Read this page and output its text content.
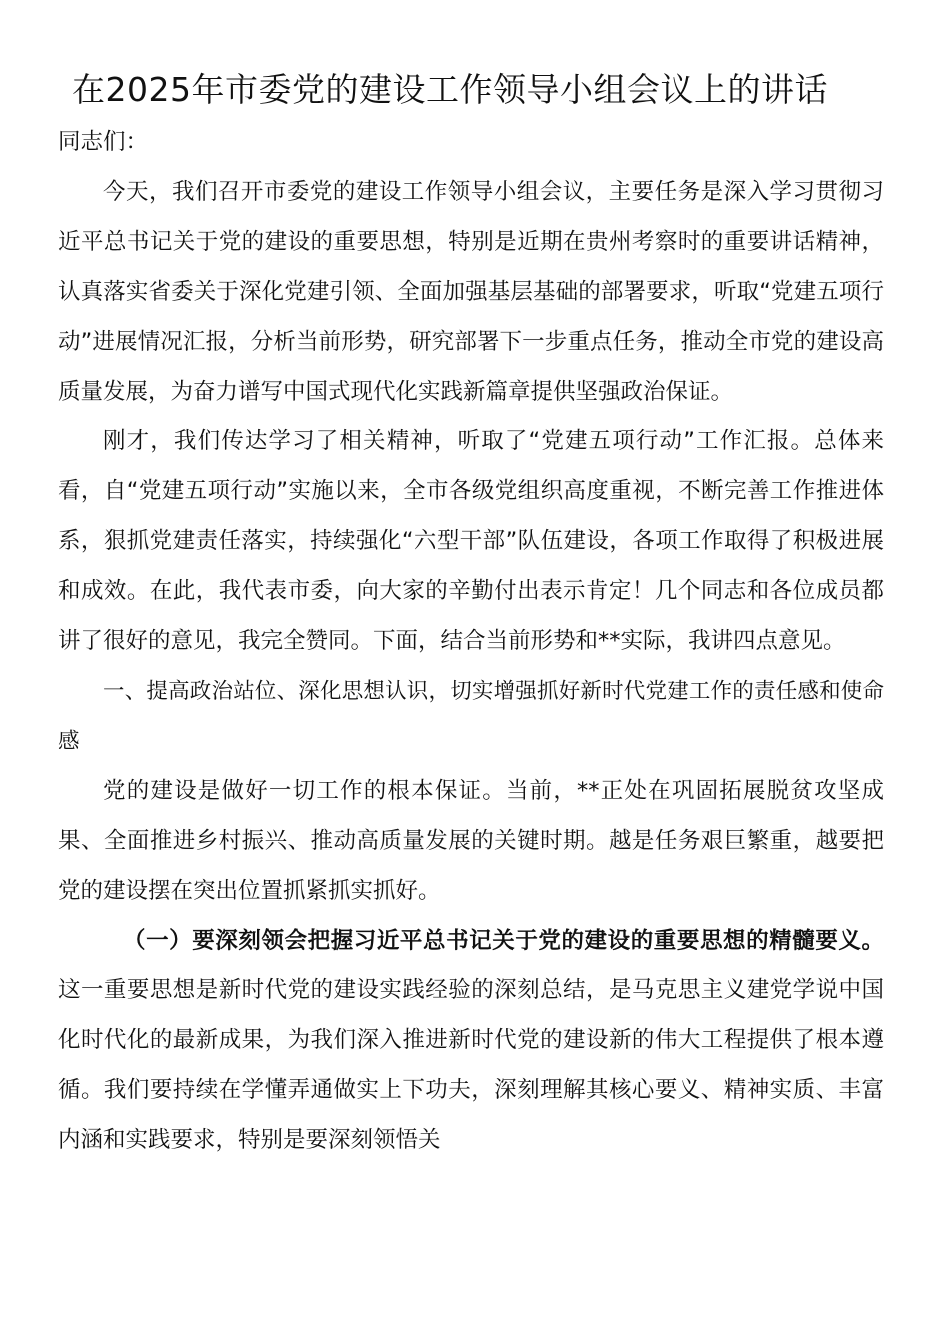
在2025年市委党的建设工作领导小组会议上的讲话

同志们：

今天，我们召开市委党的建设工作领导小组会议，主要任务是深入学习贯彻习近平总书记关于党的建设的重要思想，特别是近期在贵州考察时的重要讲话精神，认真落实省委关于深化党建引领、全面加强基层基础的部署要求，听取“党建五项行动”进展情况汇报，分析当前形势，研究部署下一步重点任务，推动全市党的建设高质量发展，为奋力谱写中国式现代化实践新篇章提供坚强政治保证。

刚才，我们传达学习了相关精神，听取了“党建五项行动”工作汇报。总体来看，自“党建五项行动”实施以来，全市各级党组织高度重视，不断完善工作推进体系，狠抓党建责任落实，持续强化“六型干部”队伍建设，各项工作取得了积极进展和成效。在此，我代表市委，向大家的辛勤付出表示肯定！几个同志和各位成员都讲了很好的意见，我完全赞同。下面，结合当前形势和**实际，我讲四点意见。

一、提高政治站位、深化思想认识，切实增强抓好新时代党建工作的责任感和使命感

党的建设是做好一切工作的根本保证。当前，**正处在巩固拓展脱贫攻坚成果、全面推进乡村振兴、推动高质量发展的关键时期。越是任务艰巨繁重，越要把党的建设摆在突出位置抓紧抓实抓好。

（一）要深刻领会把握习近平总书记关于党的建设的重要思想的精髓要义。这一重要思想是新时代党的建设实践经验的深刻总结，是马克思主义建党学说中国化时代化的最新成果，为我们深入推进新时代党的建设新的伟大工程提供了根本遵循。我们要持续在学懂弄通做实上下功夫，深刻理解其核心要义、精神实质、丰富内涵和实践要求，特别是要深刻领悟关
